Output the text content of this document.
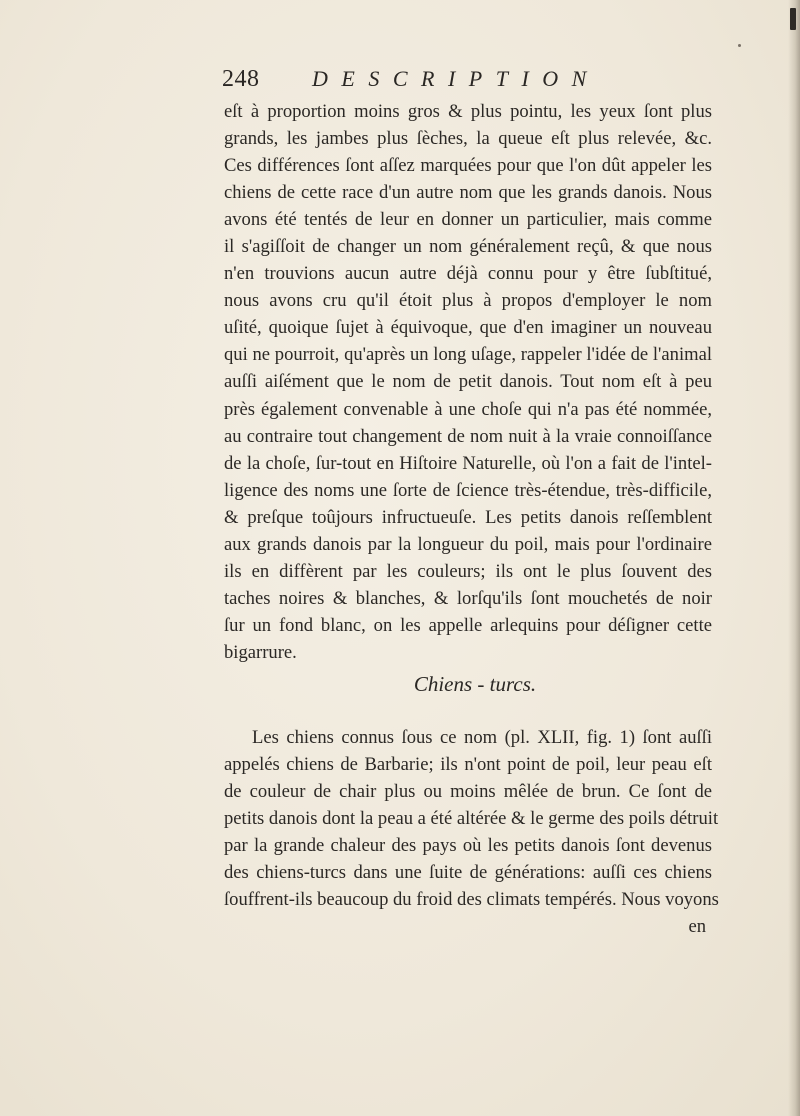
248 DESCRIPTION
eſt à proportion moins gros & plus pointu, les yeux ſont plus
grands, les jambes plus ſèches, la queue eſt plus relevée, &c.
Ces différences ſont aſſez marquées pour que l'on dût appeler les
chiens de cette race d'un autre nom que les grands danois. Nous
avons été tentés de leur en donner un particulier, mais comme
il s'agiſſoit de changer un nom généralement reçû, & que nous
n'en trouvions aucun autre déjà connu pour y être ſubſtitué,
nous avons cru qu'il étoit plus à propos d'employer le nom
uſité, quoique ſujet à équivoque, que d'en imaginer un nouveau
qui ne pourroit, qu'après un long uſage, rappeler l'idée de l'animal
auſſi aiſément que le nom de petit danois. Tout nom eſt à peu
près également convenable à une choſe qui n'a pas été nommée,
au contraire tout changement de nom nuit à la vraie connoiſſance
de la choſe, ſur-tout en Hiſtoire Naturelle, où l'on a fait de l'intel-
ligence des noms une ſorte de ſcience très-étendue, très-difficile,
& preſque toûjours infructueuſe. Les petits danois reſſemblent
aux grands danois par la longueur du poil, mais pour l'ordinaire
ils en diffèrent par les couleurs; ils ont le plus ſouvent des
taches noires & blanches, & lorſqu'ils ſont mouchetés de noir
ſur un fond blanc, on les appelle arlequins pour déſigner cette
bigarrure.
Chiens - turcs.
Les chiens connus ſous ce nom (pl. XLII, fig. 1) ſont auſſi
appelés chiens de Barbarie; ils n'ont point de poil, leur peau eſt
de couleur de chair plus ou moins mêlée de brun. Ce ſont de
petits danois dont la peau a été altérée & le germe des poils détruit
par la grande chaleur des pays où les petits danois ſont devenus
des chiens-turcs dans une ſuite de générations: auſſi ces chiens
ſouffrent-ils beaucoup du froid des climats tempérés. Nous voyons
en
